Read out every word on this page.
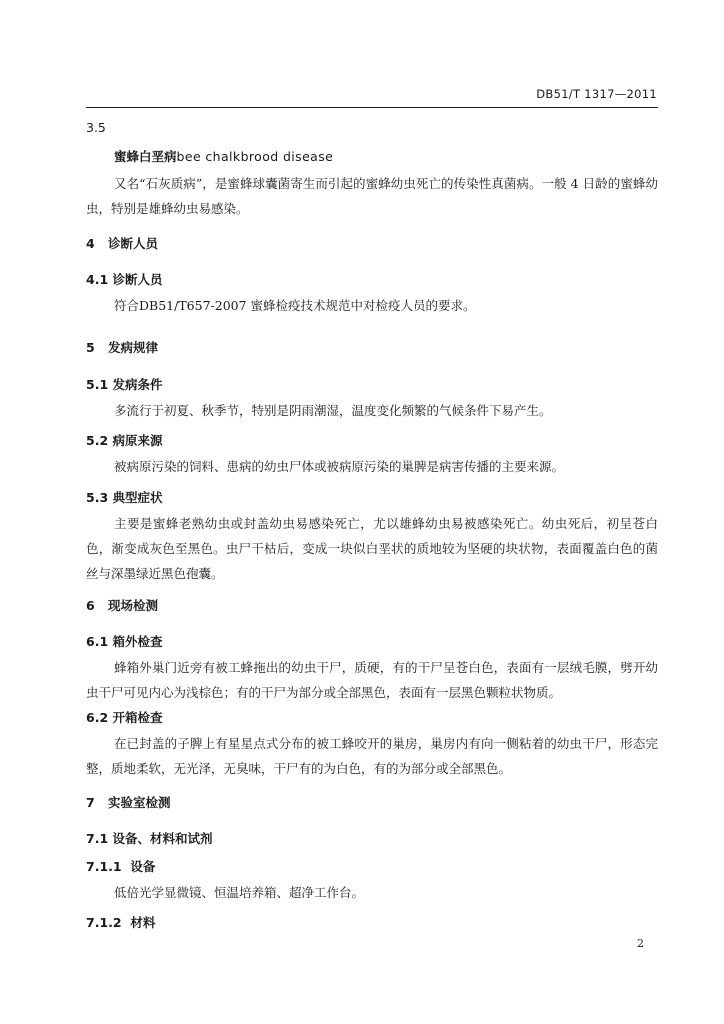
DB51/T 1317—2011
3.5
蜜蜂白垩病bee chalkbrood disease
又名“石灰质病”，是蜜蜂球囊菌寄生而引起的蜜蜂幼虫死亡的传染性真菌病。一般 4 日龄的蜜蜂幼虫，特别是雄蜂幼虫易感染。
4 诊断人员
4.1 诊断人员
符合DB51/T657-2007 蜜蜂检疫技术规范中对检疫人员的要求。
5 发病规律
5.1 发病条件
多流行于初夏、秋季节，特别是阴雨潮湿，温度变化频繁的气候条件下易产生。
5.2 病原来源
被病原污染的饲料、患病的幼虫尸体或被病原污染的巢脾是病害传播的主要来源。
5.3 典型症状
主要是蜜蜂老熟幼虫或封盖幼虫易感染死亡，尤以雄蜂幼虫易被感染死亡。幼虫死后，初呈苍白色，渐变成灰色至黑色。虫尸干枯后，变成一块似白垩状的质地较为坚硬的块状物，表面覆盖白色的菌丝与深墨绿近黑色孢囊。
6 现场检测
6.1 箱外检查
蜂箱外巢门近旁有被工蜂拖出的幼虫干尸，质硬，有的干尸呈苍白色，表面有一层绒毛膜，劈开幼虫干尸可见内心为浅棕色；有的干尸为部分或全部黑色，表面有一层黑色颗粒状物质。
6.2 开箱检查
在已封盖的子脾上有星星点式分布的被工蜂咬开的巢房，巢房内有向一侧粘着的幼虫干尸，形态完整，质地柔软，无光泽，无臭味，干尸有的为白色，有的为部分或全部黑色。
7 实验室检测
7.1 设备、材料和试剂
7.1.1 设备
低倍光学显微镜、恒温培养箱、超净工作台。
7.1.2 材料
2
